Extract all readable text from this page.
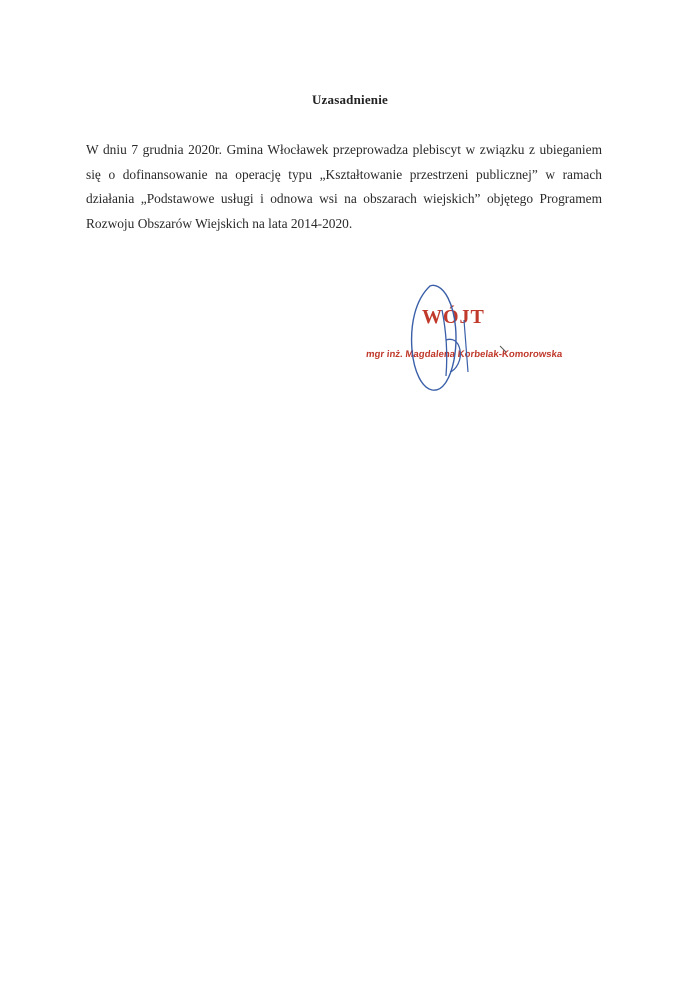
Uzasadnienie
W dniu 7 grudnia 2020r. Gmina Włocławek przeprowadza plebiscyt w związku z ubieganiem
się o dofinansowanie na operację typu „Kształtowanie przestrzeni publicznej” w ramach
działania „Podstawowe usługi i odnowa wsi na obszarach wiejskich” objętego Programem
Rozwoju Obszarów Wiejskich na lata 2014-2020.
WÓJT
mgr inż. Magdalena Korbelak-Komorowska
